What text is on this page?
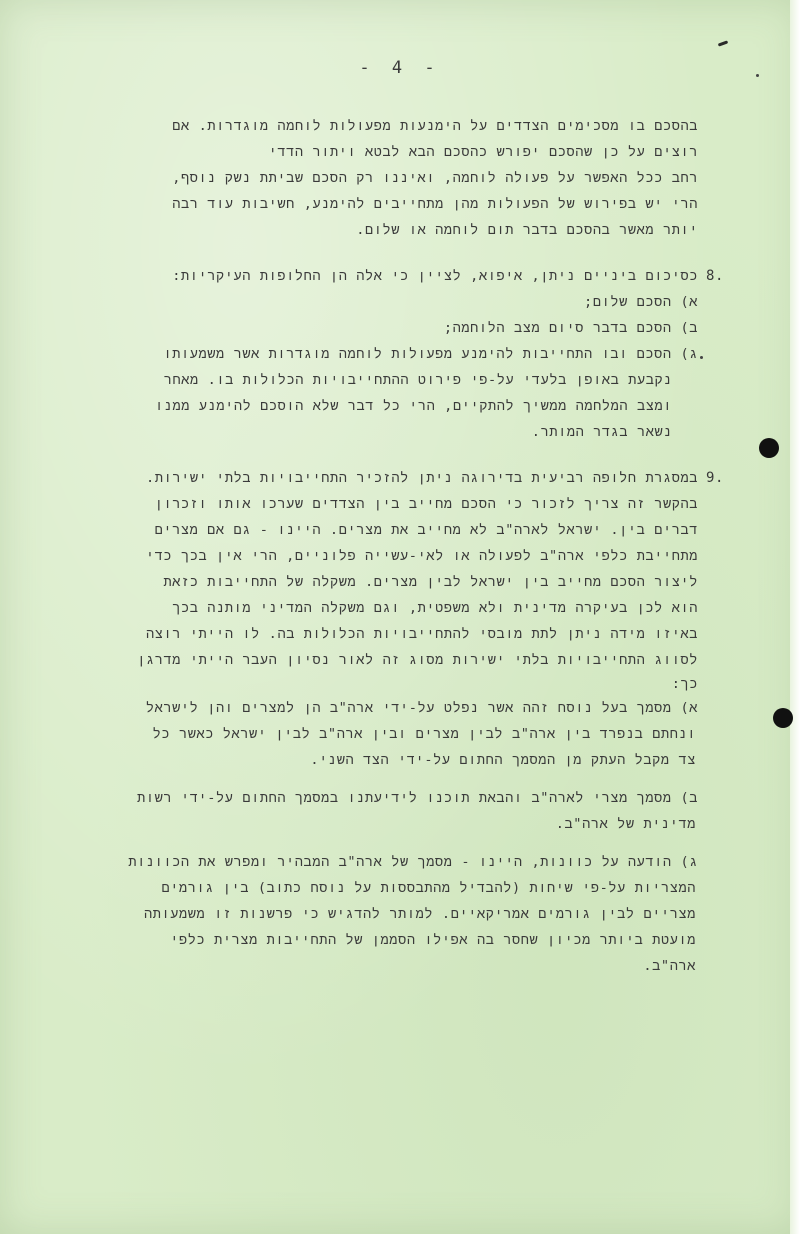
- 4 -
בהסכם בו מסכימים הצדדים על הימנעות מפעולות לוחמה מוגדרות. אם
רוצים על כן שהסכם יפורש כהסכם הבא לבטא ויתור הדדי
רחב ככל האפשר על פעולה לוחמה, ואיננו רק הסכם שביתת נשק נוסף,
הרי יש בפירוש של הפעולות מהן מתחייבים להימנע, חשיבות עוד רבה
יותר מאשר בהסכם בדבר תום לוחמה או שלום.
8.
כסיכום ביניים ניתן, איפוא, לציין כי אלה הן החלופות העיקריות:
א) הסכם שלום;
ב) הסכם בדבר סיום מצב הלוחמה;
ג) הסכם ובו התחייבות להימנע מפעולות לוחמה מוגדרות אשר משמעותו
נקבעת באופן בלעדי על-פי פירוט ההתחייבויות הכלולות בו. מאחר
ומצב המלחמה ממשיך להתקיים, הרי כל דבר שלא הוסכם להימנע ממנו
נשאר בגדר המותר.
9.
במסגרת חלופה רביעית בדירוגה ניתן להזכיר התחייבויות בלתי ישירות.
בהקשר זה צריך לזכור כי הסכם מחייב בין הצדדים שערכו אותו וזכרון
דברים בין. ישראל לארה"ב לא מחייב את מצרים. היינו - גם אם מצרים
מתחייבת כלפי ארה"ב לפעולה או לאי-עשייה פלוניים, הרי אין בכך כדי
ליצור הסכם מחייב בין ישראל לבין מצרים. משקלה של התחייבות כזאת
הוא לכן בעיקרה מדינית ולא משפטית, וגם משקלה המדיני מותנה בכך
באיזו מידה ניתן לתת מובסי להתחייבויות הכלולות בה. לו הייתי רוצה
לסווג התחייבויות בלתי ישירות מסוג זה לאור נסיון העבר הייתי מדרגן
כך:
א) מסמך בעל נוסח זהה אשר נפלט על-ידי ארה"ב הן למצרים והן לישראל
ונחתם בנפרד בין ארה"ב לבין מצרים ובין ארה"ב לבין ישראל כאשר כל
צד מקבל העתק מן המסמך החתום על-ידי הצד השני.
ב) מסמך מצרי לארה"ב והבאת תוכנו לידיעתנו במסמך החתום על-ידי רשות
מדינית של ארה"ב.
ג) הודעה על כוונות, היינו - מסמך של ארה"ב המבהיר ומפרש את הכוונות
המצריות על-פי שיחות (להבדיל מהתבססות על נוסח כתוב) בין גורמים
מצריים לבין גורמים אמריקאיים. למותר להדגיש כי פרשנות זו משמעותה
מועטת ביותר מכיון שחסר בה אפילו הסממן של התחייבות מצרית כלפי
ארה"ב.
